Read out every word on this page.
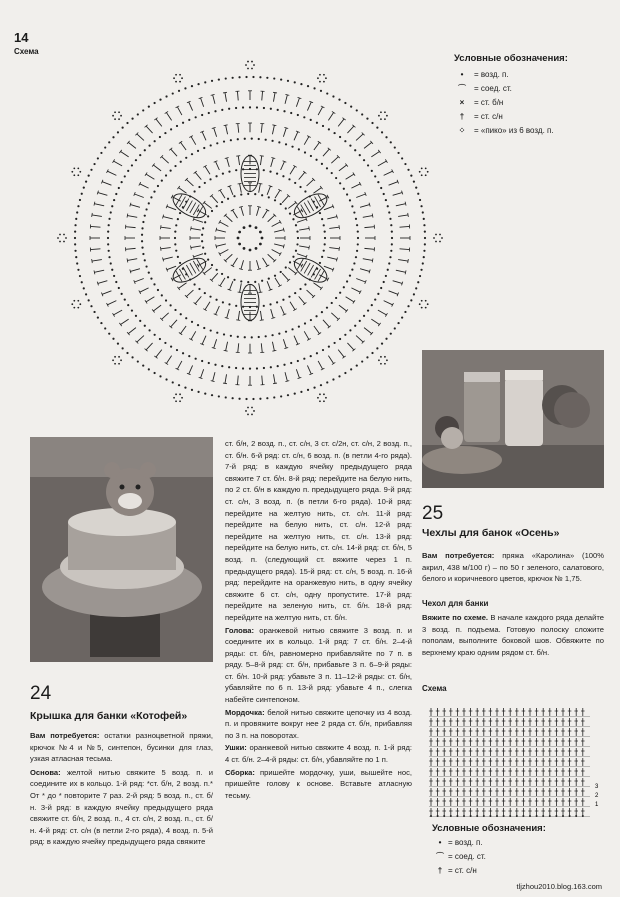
14
Схема
Условные обозначения:
•	= возд. п.
⌒	= соед. ст.
×	= ст. б/н
†	= ст. с/н
⁘	= «пико» из 6 возд. п.
24
Крышка для банки «Котофей»

Вам потребуется: остатки разноцветной пряжи, крючок №4 и №5, синтепон, бусинки для глаз, узкая атласная тесьма.

Основа: желтой нитью свяжите 5 возд. п. и соедините их в кольцо. 1-й ряд: *ст. б/н, 2 возд. п.* От * до * повторите 7 раз. 2-й ряд: 5 возд. п., ст. б/н. 3-й ряд: в каждую ячейку предыдущего ряда свяжите ст. б/н, 2 возд. п., 4 ст. с/н, 2 возд. п., ст. б/н. 4-й ряд: ст. с/н (в петли 2-го ряда), 4 возд. п. 5-й ряд: в каждую ячейку предыдущего ряда свяжите

ст. б/н, 2 возд. п., ст. с/н, 3 ст. с/2н, ст. с/н, 2 возд. п., ст. б/н. 6-й ряд: ст. с/н, 6 возд. п. (в петли 4-го ряда). 7-й ряд: в каждую ячейку предыдущего ряда свяжите 7 ст. б/н. 8-й ряд: перейдите на белую нить, по 2 ст. б/н в каждую п. предыдущего ряда. 9-й ряд: ст. с/н, 3 возд. п. (в петли 6-го ряда). 10-й ряд: перейдите на желтую нить, ст. с/н. 11-й ряд: перейдите на белую нить, ст. с/н. 12-й ряд: перейдите на желтую нить, ст. с/н. 13-й ряд: перейдите на белую нить, ст. с/н. 14-й ряд: ст. б/н, 5 возд. п. (следующий ст. вяжите через 1 п. предыдущего ряда). 15-й ряд: ст. с/н, 5 возд. п. 16-й ряд: перейдите на оранжевую нить, в одну ячейку свяжите 6 ст. с/н, одну пропустите. 17-й ряд: перейдите на зеленую нить, ст. б/н. 18-й ряд: перейдите на желтую нить, ст. б/н.

Голова: оранжевой нитью свяжите 3 возд. п. и соедините их в кольцо. 1-й ряд: 7 ст. б/н. 2–4-й ряды: ст. б/н, равномерно прибавляйте по 7 п. в ряду. 5–8-й ряд: ст. б/н, прибавьте 3 п. 6–9-й ряды: ст. б/н. 10-й ряд: убавьте 3 п. 11–12-й ряды: ст. б/н, убавляйте по 6 п. 13-й ряд: убавьте 4 п., слегка набейте синтепоном.

Мордочка: белой нитью свяжите цепочку из 4 возд. п. и провяжите вокруг нее 2 ряда ст. б/н, прибавляя по 3 п. на поворотах.

Ушки: оранжевой нитью свяжите 4 возд. п. 1-й ряд: 4 ст. б/н. 2–4-й ряды: ст. б/н, убавляйте по 1 п.

Сборка: пришейте мордочку, уши, вышейте нос, пришейте голову к основе. Вставьте атласную тесьму.

25
Чехлы для банок «Осень»
Вам потребуется: пряжа «Каролина» (100% акрил, 438 м/100 г) – по 50 г зеленого, салатового, белого и коричневого цветов, крючок № 1,75.
Чехол для банки
Вяжите по схеме. В начале каждого ряда делайте 3 возд. п. подъема. Готовую полоску сложите пополам, выполните боковой шов. Обвяжите по верхнему краю одним рядом ст. б/н.
Схема
3
2
1
Условные обозначения:
• = возд. п.
⌒ = соед. ст.
† = ст. с/н
tljzhou2010.blog.163.com
